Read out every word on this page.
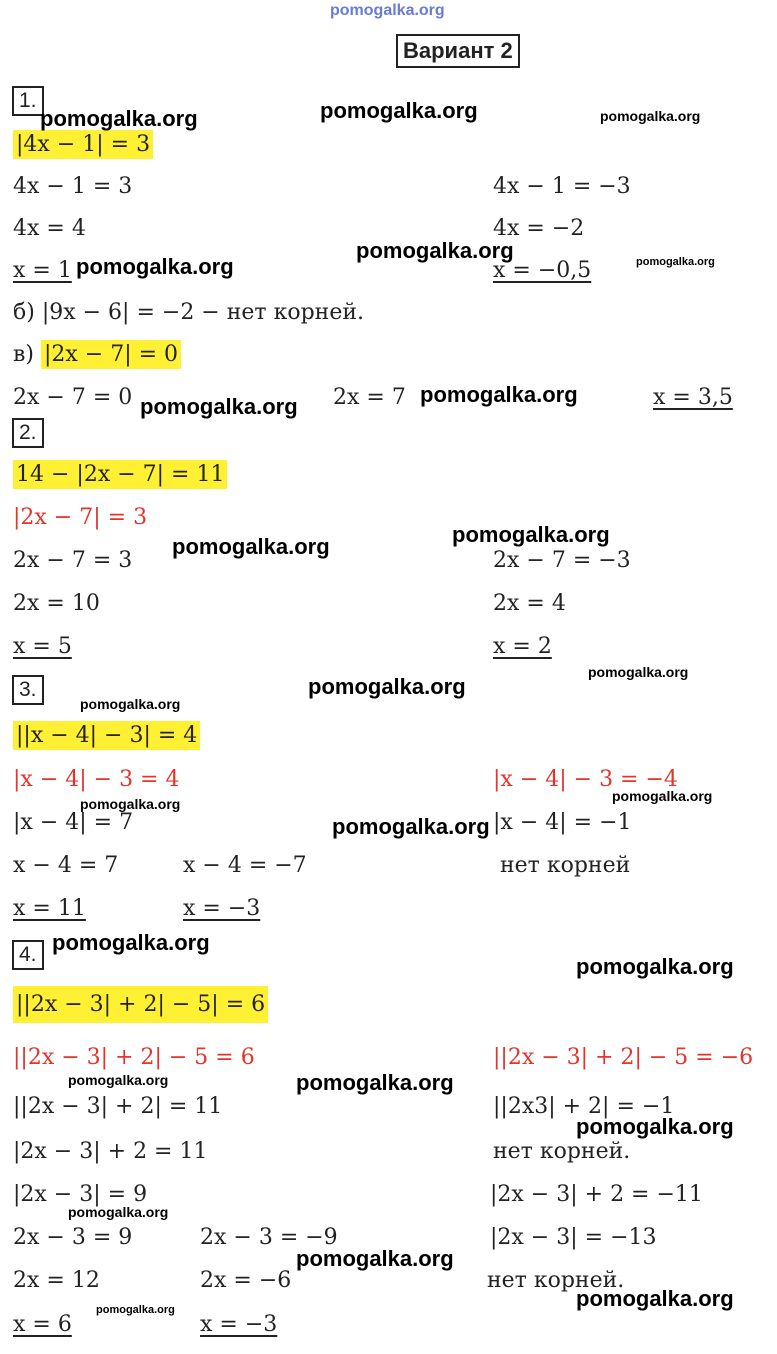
pomogalka.org
Вариант 2
1.
|4x − 1| = 3
4x − 1 = 3
4x = 4
x = 1
4x − 1 = −3
4x = −2
x = −0,5
б) |9x − 6| = −2 − нет корней.
в) |2x − 7| = 0
2x − 7 = 0	2x = 7	x = 3,5
2.
14 − |2x − 7| = 11
|2x − 7| = 3
2x − 7 = 3
2x = 10
x = 5
2x − 7 = −3
2x = 4
x = 2
3.
||x − 4| − 3| = 4
|x − 4| − 3 = 4	|x − 4| − 3 = −4
|x − 4| = 7	|x − 4| = −1
x − 4 = 7	x − 4 = −7	нет корней
x = 11	x = −3
4.
||2x − 3| + 2| − 5| = 6
||2x − 3| + 2| − 5 = 6	||2x − 3| + 2| − 5 = −6
||2x − 3| + 2| = 11
|2x − 3| + 2 = 11
|2x − 3| = 9
||2x3| + 2| = −1
нет корней.
|2x − 3| + 2 = −11
|2x − 3| = −13
нет корней.
2x − 3 = 9
2x = 12
x = 6
2x − 3 = −9
2x = −6
x = −3
pomogalka.org	pomogalka.org	pomogalka.org
pomogalka.org
pomogalka.org	pomogalka.org
pomogalka.org
pomogalka.org
pomogalka.org
pomogalka.org
pomogalka.org
pomogalka.org
pomogalka.org
pomogalka.org
pomogalka.org
pomogalka.org
pomogalka.org
pomogalka.org
pomogalka.org	pomogalka.org
pomogalka.org
pomogalka.org
pomogalka.org
pomogalka.org
pomogalka.org
